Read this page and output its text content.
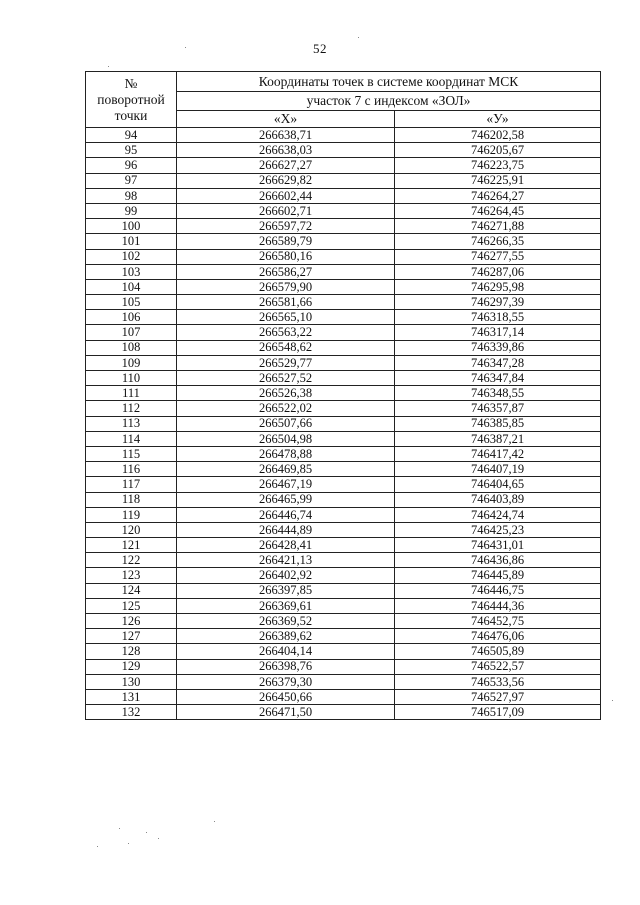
52
№
поворотной
точки	Координаты точек в системе координат МСК	
	участок 7 с индексом «ЗОЛ»	
	«Х»	«У»
94	266638,71	746202,58
95	266638,03	746205,67
96	266627,27	746223,75
97	266629,82	746225,91
98	266602,44	746264,27
99	266602,71	746264,45
100	266597,72	746271,88
101	266589,79	746266,35
102	266580,16	746277,55
103	266586,27	746287,06
104	266579,90	746295,98
105	266581,66	746297,39
106	266565,10	746318,55
107	266563,22	746317,14
108	266548,62	746339,86
109	266529,77	746347,28
110	266527,52	746347,84
111	266526,38	746348,55
112	266522,02	746357,87
113	266507,66	746385,85
114	266504,98	746387,21
115	266478,88	746417,42
116	266469,85	746407,19
117	266467,19	746404,65
118	266465,99	746403,89
119	266446,74	746424,74
120	266444,89	746425,23
121	266428,41	746431,01
122	266421,13	746436,86
123	266402,92	746445,89
124	266397,85	746446,75
125	266369,61	746444,36
126	266369,52	746452,75
127	266389,62	746476,06
128	266404,14	746505,89
129	266398,76	746522,57
130	266379,30	746533,56
131	266450,66	746527,97
132	266471,50	746517,09
